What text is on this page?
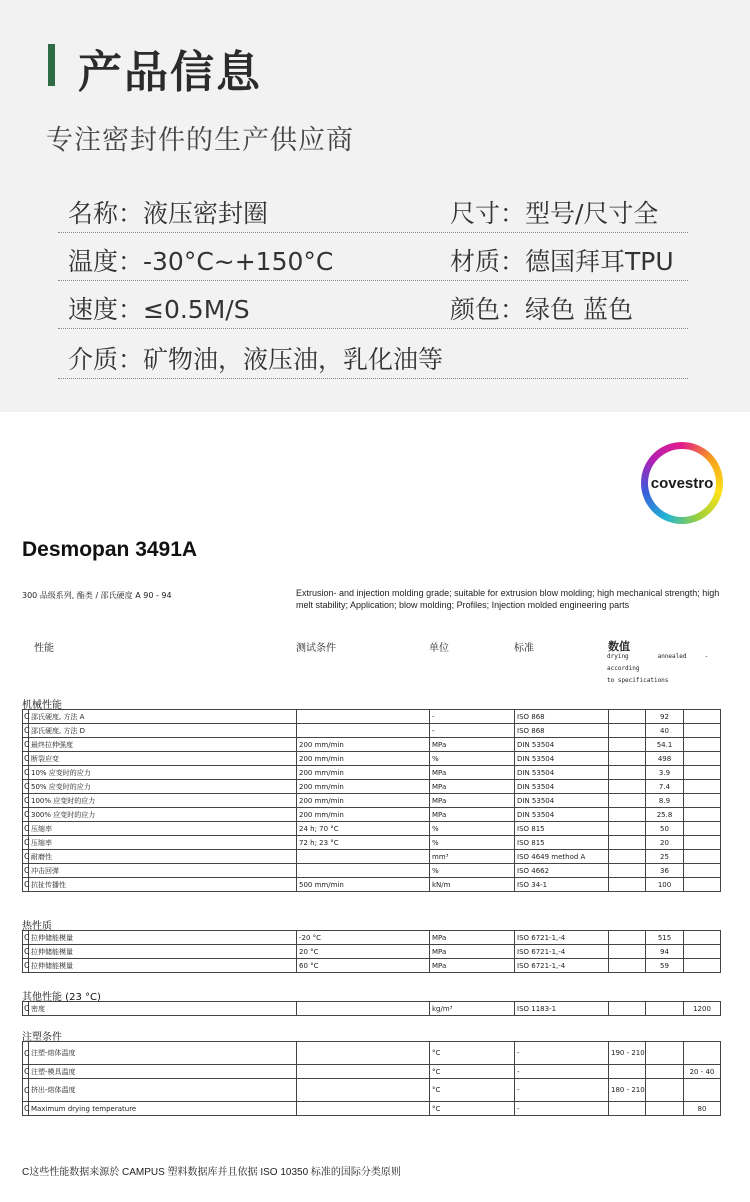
产品信息
专注密封件的生产供应商
名称：液压密封圈	尺寸：型号/尺寸全
温度：-30°C~+150°C	材质：德国拜耳TPU
速度：≤0.5M/S	颜色：绿色 蓝色
介质：矿物油，液压油，乳化油等
covestro
Desmopan 3491A
300 品级系列, 酯类 / 邵氏硬度 A 90 - 94	Extrusion- and injection molding grade; suitable for extrusion blow molding; high mechanical strength; high melt stability; Application; blow molding; Profiles; Injection molded engineering parts
性能	测试条件	单位	标准	数值
drying	annealed	-
according
to specifications
机械性能
C	邵氏硬度, 方法 A		-	ISO 868		92	
C	邵氏硬度, 方法 D		-	ISO 868		40	
C	最终拉伸强度	200 mm/min	MPa	DIN 53504		54.1	
C	断裂应变	200 mm/min	%	DIN 53504		498	
C	10% 应变时的应力	200 mm/min	MPa	DIN 53504		3.9	
C	50% 应变时的应力	200 mm/min	MPa	DIN 53504		7.4	
C	100% 应变时的应力	200 mm/min	MPa	DIN 53504		8.9	
C	300% 应变时的应力	200 mm/min	MPa	DIN 53504		25.8	
C	压缩率	24 h; 70 °C	%	ISO 815		50	
C	压缩率	72 h; 23 °C	%	ISO 815		20	
C	耐磨性		mm³	ISO 4649 method A		25	
C	冲击回弹		%	ISO 4662		36	
C	抗扯传播性	500 mm/min	kN/m	ISO 34-1		100	
热性质
C	拉伸储能模量	-20 °C	MPa	ISO 6721-1,-4		515	
C	拉伸储能模量	20 °C	MPa	ISO 6721-1,-4		94	
C	拉伸储能模量	60 °C	MPa	ISO 6721-1,-4		59	
其他性能 (23 °C)
C	密度		kg/m³	ISO 1183-1			1200
注塑条件
C	注塑-熔体温度		°C	-	190 - 210		
C	注塑-模具温度		°C	-			20 - 40
C	挤出-熔体温度		°C	-	180 - 210		
C	Maximum drying temperature		°C	-			80
C这些性能数据来源於 CAMPUS 塑料数据库并且依据 ISO 10350 标准的国际分类原则
